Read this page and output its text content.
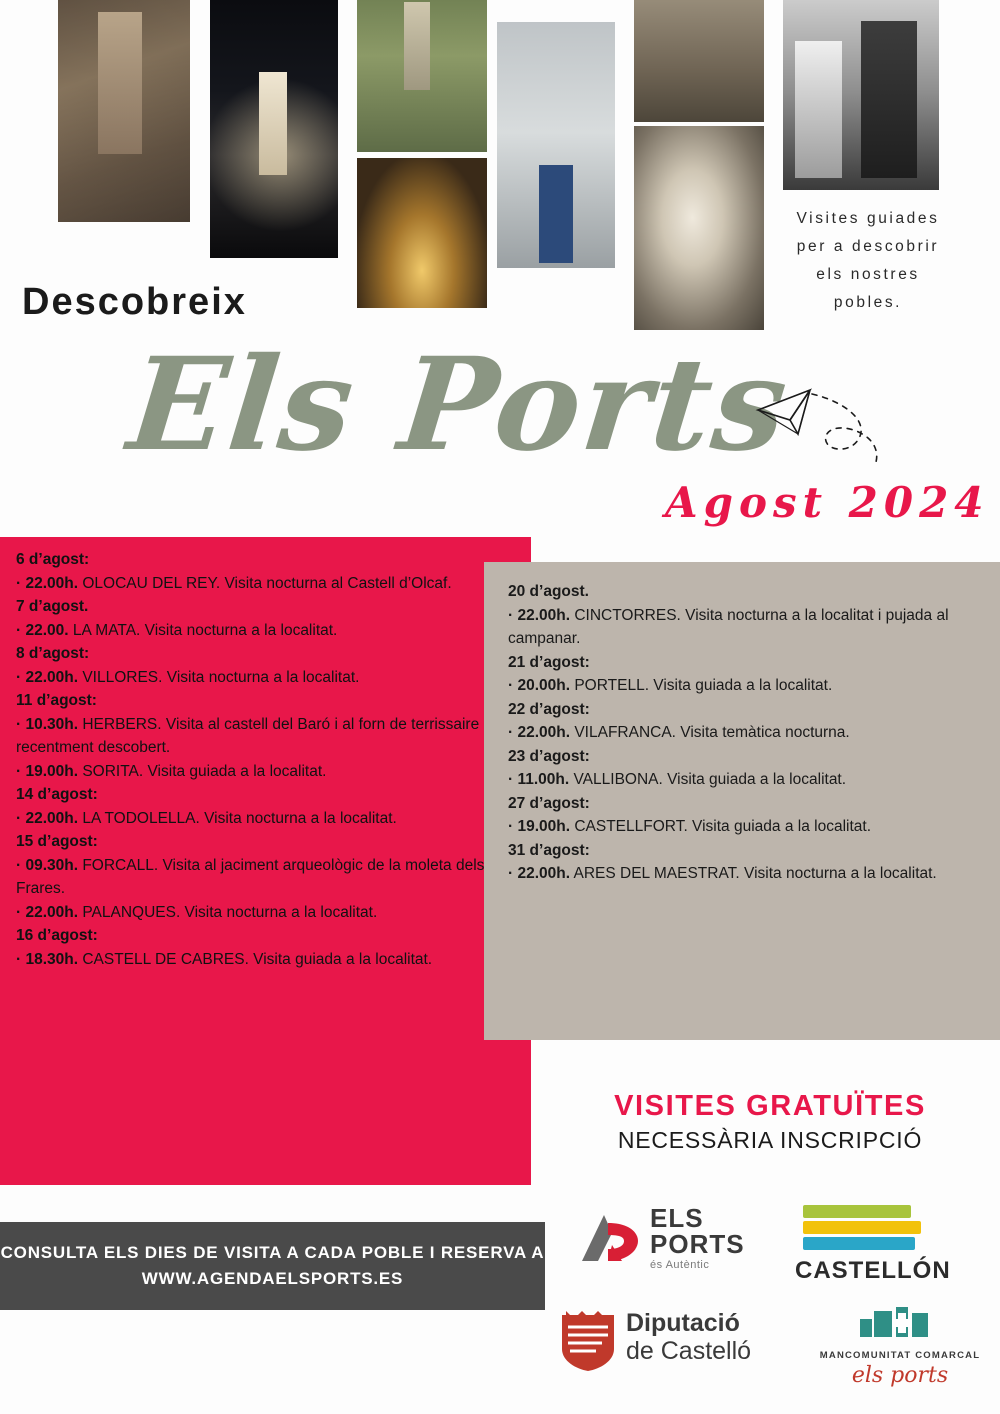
Visites guiades per a descobrir els nostres pobles.
Descobreix
Els Ports
Agost 2024
6 d’agost:
· 22.00h. OLOCAU DEL REY. Visita nocturna al Castell d’Olcaf.
7 d’agost.
· 22.00. LA MATA. Visita nocturna a la localitat.
8 d’agost:
· 22.00h. VILLORES. Visita nocturna a la localitat.
11 d’agost:
· 10.30h. HERBERS. Visita al castell del Baró i al forn de terrissaire recentment descobert.
· 19.00h. SORITA. Visita guiada a la localitat.
14 d’agost:
· 22.00h. LA TODOLELLA. Visita nocturna a la localitat.
15 d’agost:
· 09.30h. FORCALL. Visita al jaciment arqueològic de la moleta dels Frares.
· 22.00h. PALANQUES. Visita nocturna a la localitat.
16 d’agost:
· 18.30h. CASTELL DE CABRES. Visita guiada a la localitat.
20 d’agost.
· 22.00h. CINCTORRES. Visita nocturna a la localitat i pujada al campanar.
21 d’agost:
· 20.00h. PORTELL. Visita guiada a la localitat.
22 d’agost:
· 22.00h. VILAFRANCA. Visita temàtica nocturna.
23 d’agost:
· 11.00h. VALLIBONA. Visita guiada a la localitat.
27 d’agost:
· 19.00h. CASTELLFORT. Visita guiada a la localitat.
31 d’agost:
· 22.00h. ARES DEL MAESTRAT. Visita nocturna a la localitat.
VISITES GRATUÏTES
NECESSÀRIA INSCRIPCIÓ
CONSULTA ELS DIES DE VISITA A CADA POBLE I RESERVA A WWW.AGENDAELSPORTS.ES
ELS
PORTS
és Autèntic	CASTELLÓN
Diputació
de Castelló	MANCOMUNITAT COMARCAL
els ports
